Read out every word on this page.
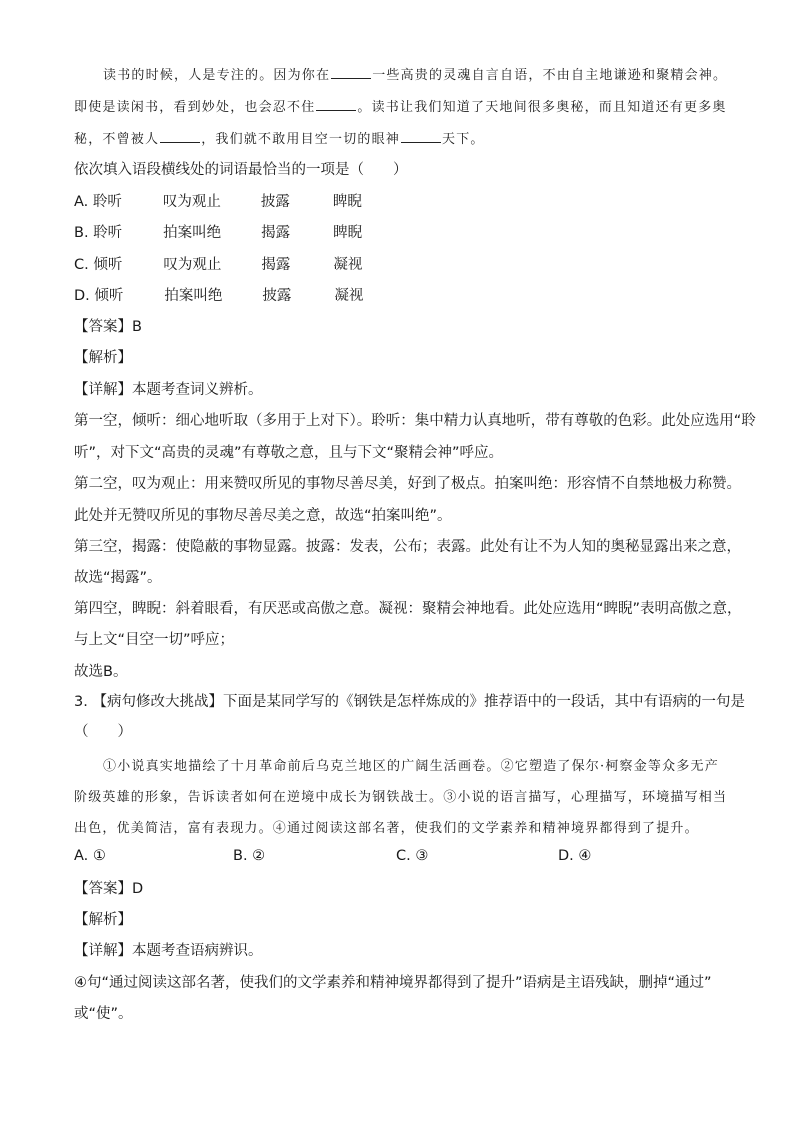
读书的时候，人是专注的。因为你在	一些高贵的灵魂自言自语，不由自主地谦逊和聚精会神。
即使是读闲书，看到妙处，也会忍不住	。读书让我们知道了天地间很多奥秘，而且知道还有更多奥
秘，不曾被人	，我们就不敢用目空一切的眼神	天下。
依次填入语段横线处的词语最恰当的一项是（　　）
A. 聆听	叹为观止	披露	睥睨
B. 聆听	拍案叫绝	揭露	睥睨
C. 倾听	叹为观止	揭露	凝视
D. 倾听	拍案叫绝	披露	凝视
【答案】B
【解析】
【详解】本题考查词义辨析。
第一空，倾听：细心地听取（多用于上对下）。聆听：集中精力认真地听，带有尊敬的色彩。此处应选用“聆
听”，对下文“高贵的灵魂”有尊敬之意，且与下文“聚精会神”呼应。
第二空，叹为观止：用来赞叹所见的事物尽善尽美，好到了极点。拍案叫绝：形容情不自禁地极力称赞。
此处并无赞叹所见的事物尽善尽美之意，故选“拍案叫绝”。
第三空，揭露：使隐蔽的事物显露。披露：发表，公布；表露。此处有让不为人知的奥秘显露出来之意，
故选“揭露”。
第四空，睥睨：斜着眼看，有厌恶或高傲之意。凝视：聚精会神地看。此处应选用“睥睨”表明高傲之意，
与上文“目空一切”呼应；
故选B。
3. 【病句修改大挑战】下面是某同学写的《钢铁是怎样炼成的》推荐语中的一段话，其中有语病的一句是
（　　）
①小说真实地描绘了十月革命前后乌克兰地区的广阔生活画卷。②它塑造了保尔·柯察金等众多无产
阶级英雄的形象，告诉读者如何在逆境中成长为钢铁战士。③小说的语言描写，心理描写，环境描写相当
出色，优美简洁，富有表现力。④通过阅读这部名著，使我们的文学素养和精神境界都得到了提升。
A. ①	B. ②	C. ③	D. ④
【答案】D
【解析】
【详解】本题考查语病辨识。
④句“通过阅读这部名著，使我们的文学素养和精神境界都得到了提升”语病是主语残缺，删掉“通过”
或“使”。
